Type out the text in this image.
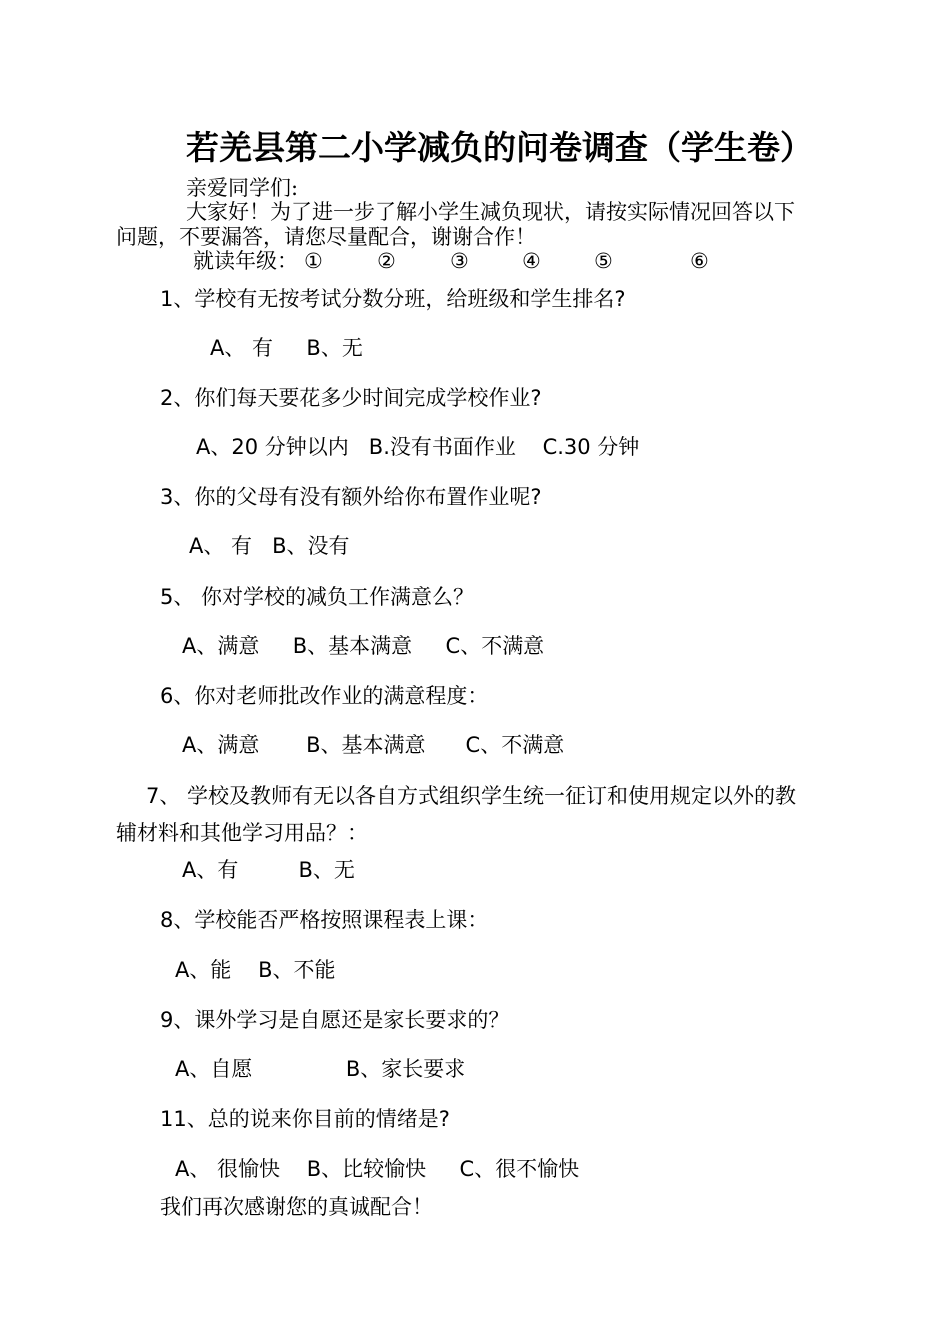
若羌县第二小学减负的问卷调查（学生卷）
亲爱同学们:
大家好！为了进一步了解小学生减负现状，请按实际情况回答以下
问题，不要漏答，请您尽量配合，谢谢合作！
就读年级： ①	②	③	④	⑤	⑥
1、学校有无按考试分数分班，给班级和学生排名?
A、 有     B、无
2、你们每天要花多少时间完成学校作业?
A、20 分钟以内   B.没有书面作业    C.30 分钟
3、你的父母有没有额外给你布置作业呢?
A、 有   B、没有
5、 你对学校的减负工作满意么？
A、满意     B、基本满意     C、不满意
6、你对老师批改作业的满意程度：
A、满意       B、基本满意      C、不满意
7、 学校及教师有无以各自方式组织学生统一征订和使用规定以外的教
辅材料和其他学习用品？：
A、有         B、无
8、学校能否严格按照课程表上课：
A、能    B、不能
9、课外学习是自愿还是家长要求的？
A、自愿              B、家长要求
11、总的说来你目前的情绪是?
A、 很愉快    B、比较愉快     C、很不愉快
我们再次感谢您的真诚配合！
